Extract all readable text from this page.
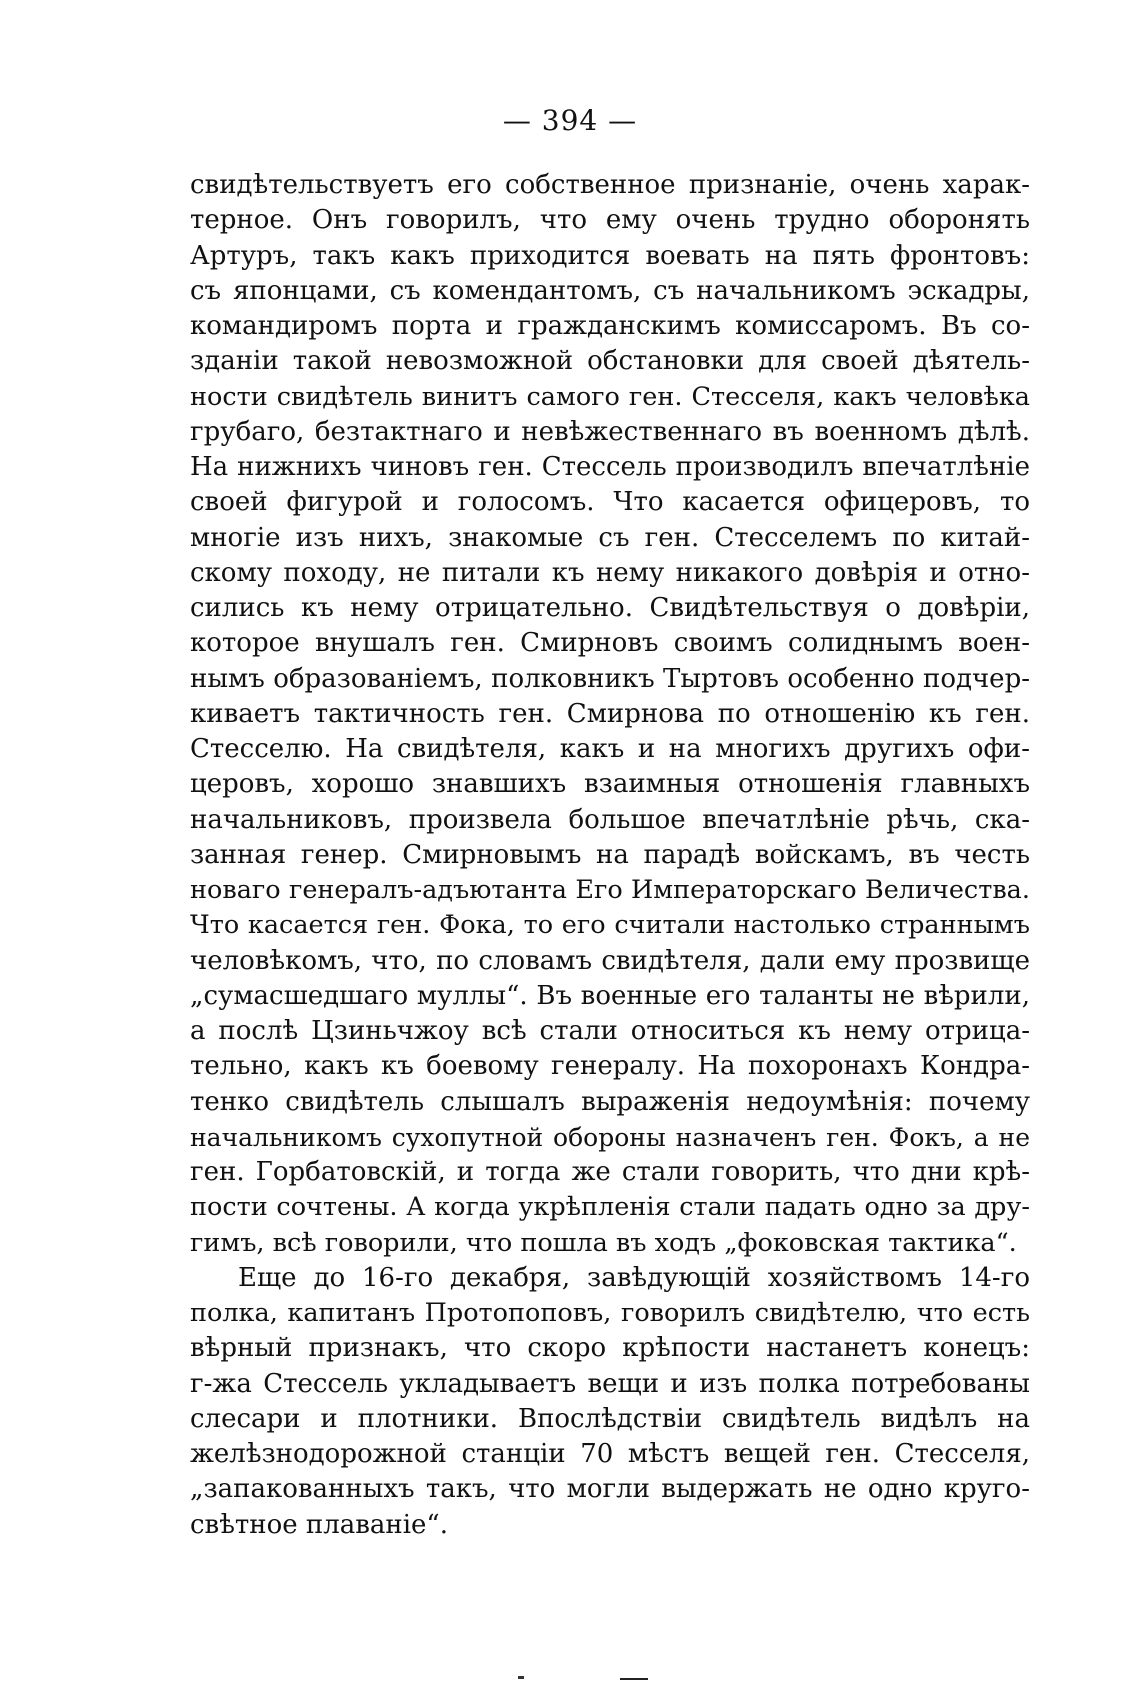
— 394 —
свидѣтельствуетъ его собственное признаніе, очень харак-
терное. Онъ говорилъ, что ему очень трудно оборонять
Артуръ, такъ какъ приходится воевать на пять фронтовъ:
съ японцами, съ комендантомъ, съ начальникомъ эскадры,
командиромъ порта и гражданскимъ комиссаромъ. Въ со-
зданіи такой невозможной обстановки для своей дѣятель-
ности свидѣтель винитъ самого ген. Стесселя, какъ человѣка
грубаго, безтактнаго и невѣжественнаго въ военномъ дѣлѣ.
На нижнихъ чиновъ ген. Стессель производилъ впечатлѣніе
своей фигурой и голосомъ. Что касается офицеровъ, то
многіе изъ нихъ, знакомые съ ген. Стесселемъ по китай-
скому походу, не питали къ нему никакого довѣрія и отно-
сились къ нему отрицательно. Свидѣтельствуя о довѣріи,
которое внушалъ ген. Смирновъ своимъ солиднымъ воен-
нымъ образованіемъ, полковникъ Тыртовъ особенно подчер-
киваетъ тактичность ген. Смирнова по отношенію къ ген.
Стесселю. На свидѣтеля, какъ и на многихъ другихъ офи-
церовъ, хорошо знавшихъ взаимныя отношенія главныхъ
начальниковъ, произвела большое впечатлѣніе рѣчь, ска-
занная генер. Смирновымъ на парадѣ войскамъ, въ честь
новаго генералъ-адъютанта Его Императорскаго Величества.
Что касается ген. Фока, то его считали настолько страннымъ
человѣкомъ, что, по словамъ свидѣтеля, дали ему прозвище
„сумасшедшаго муллы“. Въ военные его таланты не вѣрили,
а послѣ Цзиньчжоу всѣ стали относиться къ нему отрица-
тельно, какъ къ боевому генералу. На похоронахъ Кондра-
тенко свидѣтель слышалъ выраженія недоумѣнія: почему
начальникомъ сухопутной обороны назначенъ ген. Фокъ, а не
ген. Горбатовскій, и тогда же стали говорить, что дни крѣ-
пости сочтены. А когда укрѣпленія стали падать одно за дру-
гимъ, всѣ говорили, что пошла въ ходъ „фоковская тактика“.
Еще до 16-го декабря, завѣдующій хозяйствомъ 14-го
полка, капитанъ Протопоповъ, говорилъ свидѣтелю, что есть
вѣрный признакъ, что скоро крѣпости настанетъ конецъ:
г-жа Стессель укладываетъ вещи и изъ полка потребованы
слесари и плотники. Впослѣдствіи свидѣтель видѣлъ на
желѣзнодорожной станціи 70 мѣстъ вещей ген. Стесселя,
„запакованныхъ такъ, что могли выдержать не одно круго-
свѣтное плаваніе“.
